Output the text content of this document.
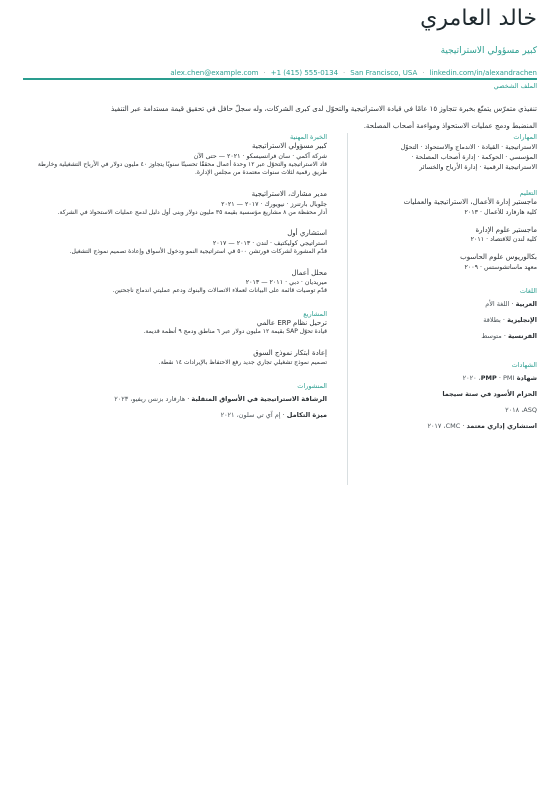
خالد العامري
كبير مسؤولي الاستراتيجية
alex.chen@example.com · +1 (415) 555-0134 · San Francisco, USA · linkedin.com/in/alexandrachen
الملف الشخصي
تنفيذي متمرّس يتمتّع بخبرة تتجاوز ١٥ عامًا في قيادة الاستراتيجية والتحوّل لدى كبرى الشركات، وله سجلّ حافل في تحقيق قيمة مستدامة عبر التنفيذ
المنضبط ودمج عمليات الاستحواذ ومواءمة أصحاب المصلحة.
المهارات
الاستراتيجية · القيادة · الاندماج والاستحواذ · التحوّل
المؤسسي · الحوكمة · إدارة أصحاب المصلحة ·
الاستراتيجية الرقمية · إدارة الأرباح والخسائر
التعليم
ماجستير إدارة الأعمال، الاستراتيجية والعمليات
كلية هارفارد للأعمال · ٢٠١٣
ماجستير علوم الإدارة
كلية لندن للاقتصاد · ٢٠١١
بكالوريوس علوم الحاسوب
معهد ماساتشوستس · ٢٠٠٩
اللغات
العربية · اللغة الأم
الإنجليزية · بطلاقة
الفرنسية · متوسط
الشهادات
شهادة PMP · PMI، ٢٠٢٠
الحزام الأسود في ستة سيجما
ASQ، ٢٠١٨
استشاري إداري معتمد · CMC، ٢٠١٧
الخبرة المهنية
كبير مسؤولي الاستراتيجية
شركة آكمي · سان فرانسيسكو · ٢٠٢١ — حتى الآن
قاد الاستراتيجية والتحوّل عبر ١٢ وحدة أعمال محققًا تحسينًا سنويًا يتجاوز ٤٠ مليون دولار في الأرباح التشغيلية وخارطة طريق رقمية لثلاث سنوات معتمدة من مجلس الإدارة.
مدير مشارك، الاستراتيجية
جلوبال بارتنرز · نيويورك · ٢٠١٧ — ٢٠٢١
أدار محفظة من ٨ مشاريع مؤسسية بقيمة ٣٥ مليون دولار وبنى أول دليل لدمج عمليات الاستحواذ في الشركة.
استشاري أول
استراتيجي كوليكتيف · لندن · ٢٠١٣ — ٢٠١٧
قدّم المشورة لشركات فورتشن ٥٠٠ في استراتيجية النمو ودخول الأسواق وإعادة تصميم نموذج التشغيل.
محلل أعمال
ميريديان · دبي · ٢٠١١ — ٢٠١٣
قدّم توصيات قائمة على البيانات لعملاء الاتصالات والبنوك ودعم عمليتي اندماج ناجحتين.
المشاريع
ترحيل نظام ERP عالمي
قيادة تحوّل SAP بقيمة ١٢ مليون دولار عبر ٦ مناطق ودمج ٩ أنظمة قديمة.
إعادة ابتكار نموذج السوق
تصميم نموذج تشغيلي تجاري جديد رفع الاحتفاظ بالإيرادات ١٤ نقطة.
المنشورات
الرشاقة الاستراتيجية في الأسواق المتقلبة · هارفارد بزنس ريفيو، ٢٠٢٣
ميزة التكامل · إم آي تي سلون، ٢٠٢١
